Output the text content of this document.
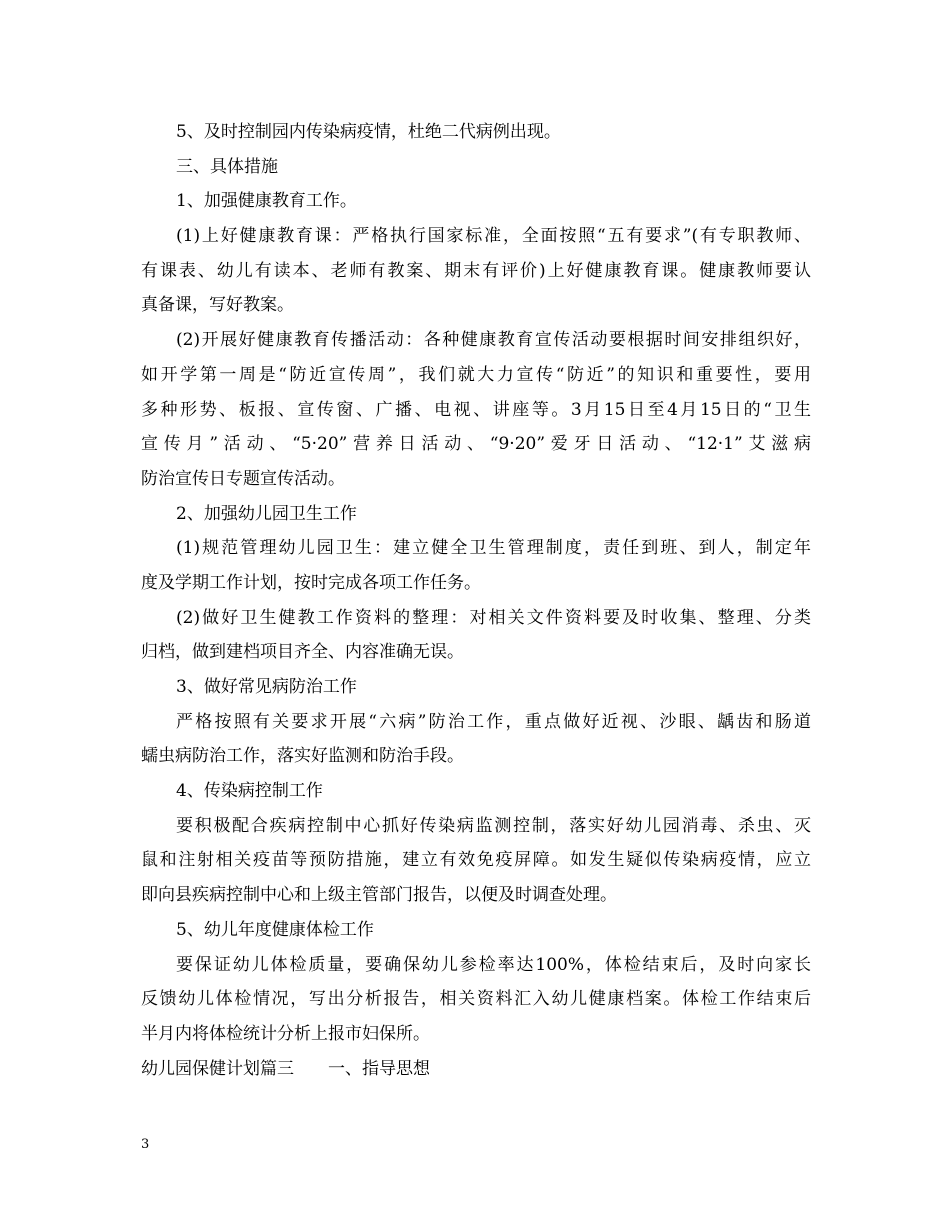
5、及时控制园内传染病疫情，杜绝二代病例出现。
三、具体措施
1、加强健康教育工作。
(1)上好健康教育课：严格执行国家标准，全面按照“五有要求”(有专职教师、
有课表、幼儿有读本、老师有教案、期末有评价)上好健康教育课。健康教师要认
真备课，写好教案。
(2)开展好健康教育传播活动：各种健康教育宣传活动要根据时间安排组织好，
如开学第一周是“防近宣传周”，我们就大力宣传“防近”的知识和重要性，要用
多种形势、板报、宣传窗、广播、电视、讲座等。3月15日至4月15日的“卫生
宣传月”活动、“5·20”营养日活动、“9·20”爱牙日活动、“12·1”艾滋病
防治宣传日专题宣传活动。
2、加强幼儿园卫生工作
(1)规范管理幼儿园卫生：建立健全卫生管理制度，责任到班、到人，制定年
度及学期工作计划，按时完成各项工作任务。
(2)做好卫生健教工作资料的整理：对相关文件资料要及时收集、整理、分类
归档，做到建档项目齐全、内容准确无误。
3、做好常见病防治工作
严格按照有关要求开展“六病”防治工作，重点做好近视、沙眼、龋齿和肠道
蠕虫病防治工作，落实好监测和防治手段。
4、传染病控制工作
要积极配合疾病控制中心抓好传染病监测控制，落实好幼儿园消毒、杀虫、灭
鼠和注射相关疫苗等预防措施，建立有效免疫屏障。如发生疑似传染病疫情，应立
即向县疾病控制中心和上级主管部门报告，以便及时调查处理。
5、幼儿年度健康体检工作
要保证幼儿体检质量，要确保幼儿参检率达100%，体检结束后，及时向家长
反馈幼儿体检情况，写出分析报告，相关资料汇入幼儿健康档案。体检工作结束后
半月内将体检统计分析上报市妇保所。
幼儿园保健计划篇三　　一、指导思想
3
